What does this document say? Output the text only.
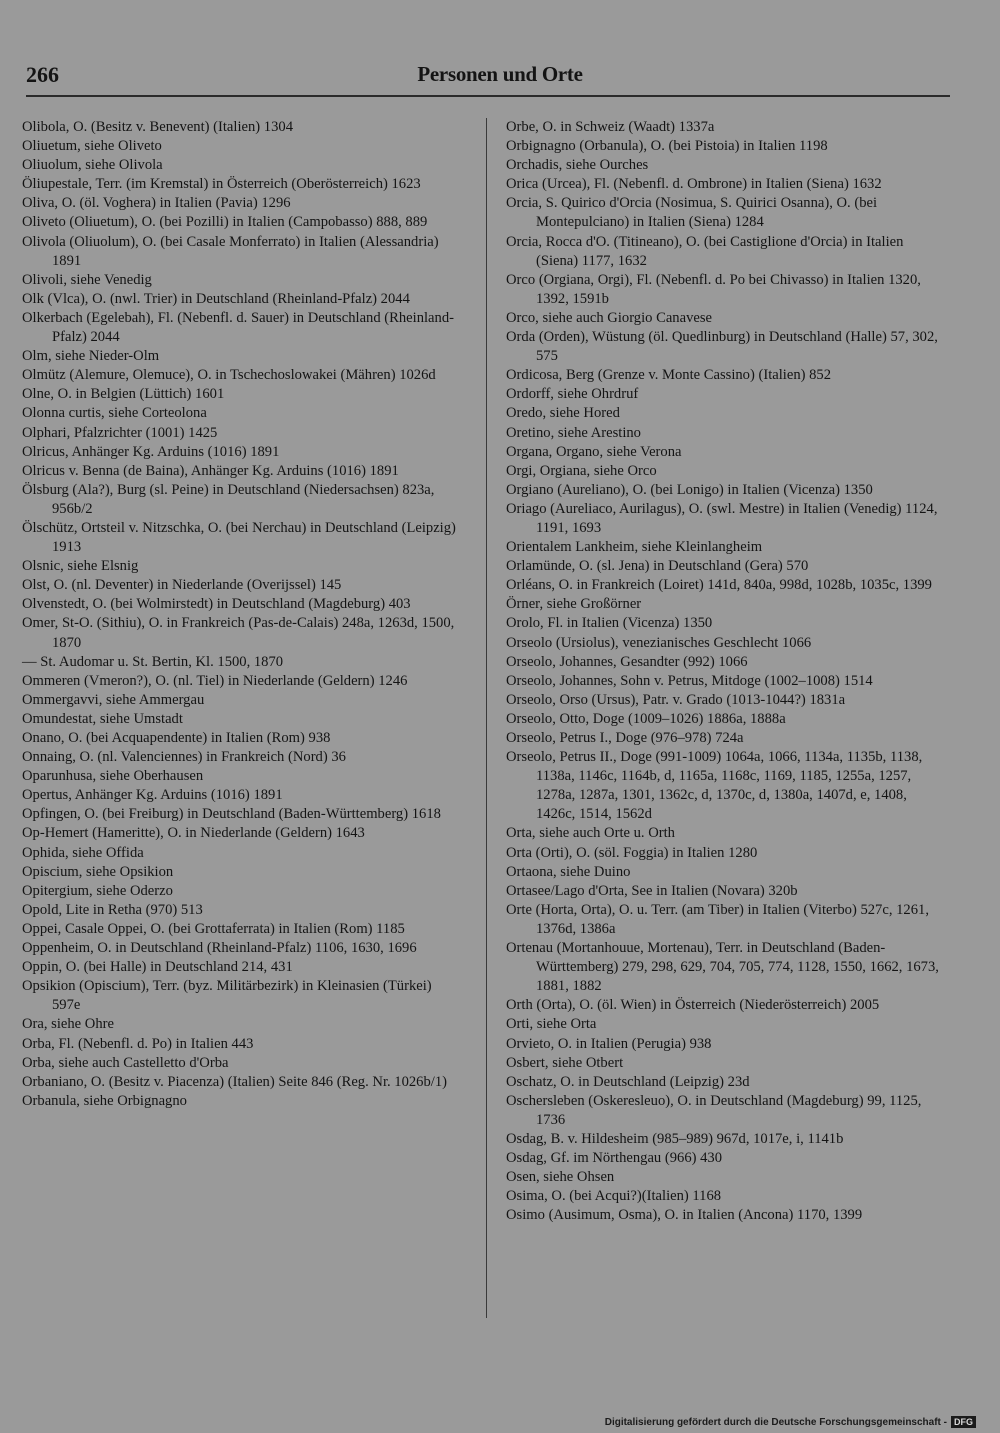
266	Personen und Orte
Olibola, O. (Besitz v. Benevent) (Italien) 1304
Oliuetum, siehe Oliveto
Oliuolum, siehe Olivola
Öliupestale, Terr. (im Kremstal) in Österreich (Oberösterreich) 1623
Oliva, O. (öl. Voghera) in Italien (Pavia) 1296
Oliveto (Oliuetum), O. (bei Pozilli) in Italien (Campobasso) 888, 889
Olivola (Oliuolum), O. (bei Casale Monferrato) in Italien (Alessandria) 1891
Olivoli, siehe Venedig
Olk (Vlca), O. (nwl. Trier) in Deutschland (Rheinland-Pfalz) 2044
Olkerbach (Egelebah), Fl. (Nebenfl. d. Sauer) in Deutschland (Rheinland-Pfalz) 2044
Olm, siehe Nieder-Olm
Olmütz (Alemure, Olemuce), O. in Tschechoslowakei (Mähren) 1026d
Olne, O. in Belgien (Lüttich) 1601
Olonna curtis, siehe Corteolona
Olphari, Pfalzrichter (1001) 1425
Olricus, Anhänger Kg. Arduins (1016) 1891
Olricus v. Benna (de Baina), Anhänger Kg. Arduins (1016) 1891
Ölsburg (Ala?), Burg (sl. Peine) in Deutschland (Niedersachsen) 823a, 956b/2
Ölschütz, Ortsteil v. Nitzschka, O. (bei Nerchau) in Deutschland (Leipzig) 1913
Olsnic, siehe Elsnig
Olst, O. (nl. Deventer) in Niederlande (Overijssel) 145
Olvenstedt, O. (bei Wolmirstedt) in Deutschland (Magdeburg) 403
Omer, St-O. (Sithiu), O. in Frankreich (Pas-de-Calais) 248a, 1263d, 1500, 1870
— St. Audomar u. St. Bertin, Kl. 1500, 1870
Ommeren (Vmeron?), O. (nl. Tiel) in Niederlande (Geldern) 1246
Ommergavvi, siehe Ammergau
Omundestat, siehe Umstadt
Onano, O. (bei Acquapendente) in Italien (Rom) 938
Onnaing, O. (nl. Valenciennes) in Frankreich (Nord) 36
Oparunhusa, siehe Oberhausen
Opertus, Anhänger Kg. Arduins (1016) 1891
Opfingen, O. (bei Freiburg) in Deutschland (Baden-Württemberg) 1618
Op-Hemert (Hameritte), O. in Niederlande (Geldern) 1643
Ophida, siehe Offida
Opiscium, siehe Opsikion
Opitergium, siehe Oderzo
Opold, Lite in Retha (970) 513
Oppei, Casale Oppei, O. (bei Grottaferrata) in Italien (Rom) 1185
Oppenheim, O. in Deutschland (Rheinland-Pfalz) 1106, 1630, 1696
Oppin, O. (bei Halle) in Deutschland 214, 431
Opsikion (Opiscium), Terr. (byz. Militärbezirk) in Kleinasien (Türkei) 597e
Ora, siehe Ohre
Orba, Fl. (Nebenfl. d. Po) in Italien 443
Orba, siehe auch Castelletto d'Orba
Orbaniano, O. (Besitz v. Piacenza) (Italien) Seite 846 (Reg. Nr. 1026b/1)
Orbanula, siehe Orbignagno
Orbe, O. in Schweiz (Waadt) 1337a
Orbignagno (Orbanula), O. (bei Pistoia) in Italien 1198
Orchadis, siehe Ourches
Orica (Urcea), Fl. (Nebenfl. d. Ombrone) in Italien (Siena) 1632
Orcia, S. Quirico d'Orcia (Nosimua, S. Quirici Osanna), O. (bei Montepulciano) in Italien (Siena) 1284
Orcia, Rocca d'O. (Titineano), O. (bei Castiglione d'Orcia) in Italien (Siena) 1177, 1632
Orco (Orgiana, Orgi), Fl. (Nebenfl. d. Po bei Chivasso) in Italien 1320, 1392, 1591b
Orco, siehe auch Giorgio Canavese
Orda (Orden), Wüstung (öl. Quedlinburg) in Deutschland (Halle) 57, 302, 575
Ordicosa, Berg (Grenze v. Monte Cassino) (Italien) 852
Ordorff, siehe Ohrdruf
Oredo, siehe Hored
Oretino, siehe Arestino
Organa, Organo, siehe Verona
Orgi, Orgiana, siehe Orco
Orgiano (Aureliano), O. (bei Lonigo) in Italien (Vicenza) 1350
Oriago (Aureliaco, Aurilagus), O. (swl. Mestre) in Italien (Venedig) 1124, 1191, 1693
Orientalem Lankheim, siehe Kleinlangheim
Orlamünde, O. (sl. Jena) in Deutschland (Gera) 570
Orléans, O. in Frankreich (Loiret) 141d, 840a, 998d, 1028b, 1035c, 1399
Örner, siehe Großörner
Orolo, Fl. in Italien (Vicenza) 1350
Orseolo (Ursiolus), venezianisches Geschlecht 1066
Orseolo, Johannes, Gesandter (992) 1066
Orseolo, Johannes, Sohn v. Petrus, Mitdoge (1002–1008) 1514
Orseolo, Orso (Ursus), Patr. v. Grado (1013-1044?) 1831a
Orseolo, Otto, Doge (1009–1026) 1886a, 1888a
Orseolo, Petrus I., Doge (976–978) 724a
Orseolo, Petrus II., Doge (991-1009) 1064a, 1066, 1134a, 1135b, 1138, 1138a, 1146c, 1164b, d, 1165a, 1168c, 1169, 1185, 1255a, 1257, 1278a, 1287a, 1301, 1362c, d, 1370c, d, 1380a, 1407d, e, 1408, 1426c, 1514, 1562d
Orta, siehe auch Orte u. Orth
Orta (Orti), O. (söl. Foggia) in Italien 1280
Ortaona, siehe Duino
Ortasee/Lago d'Orta, See in Italien (Novara) 320b
Orte (Horta, Orta), O. u. Terr. (am Tiber) in Italien (Viterbo) 527c, 1261, 1376d, 1386a
Ortenau (Mortanhouue, Mortenau), Terr. in Deutschland (Baden-Württemberg) 279, 298, 629, 704, 705, 774, 1128, 1550, 1662, 1673, 1881, 1882
Orth (Orta), O. (öl. Wien) in Österreich (Niederösterreich) 2005
Orti, siehe Orta
Orvieto, O. in Italien (Perugia) 938
Osbert, siehe Otbert
Oschatz, O. in Deutschland (Leipzig) 23d
Oschersleben (Oskeresleuo), O. in Deutschland (Magdeburg) 99, 1125, 1736
Osdag, B. v. Hildesheim (985–989) 967d, 1017e, i, 1141b
Osdag, Gf. im Nörthengau (966) 430
Osen, siehe Ohsen
Osima, O. (bei Acqui?)(Italien) 1168
Osimo (Ausimum, Osma), O. in Italien (Ancona) 1170, 1399
Digitalisierung gefördert durch die Deutsche Forschungsgemeinschaft - DFG
